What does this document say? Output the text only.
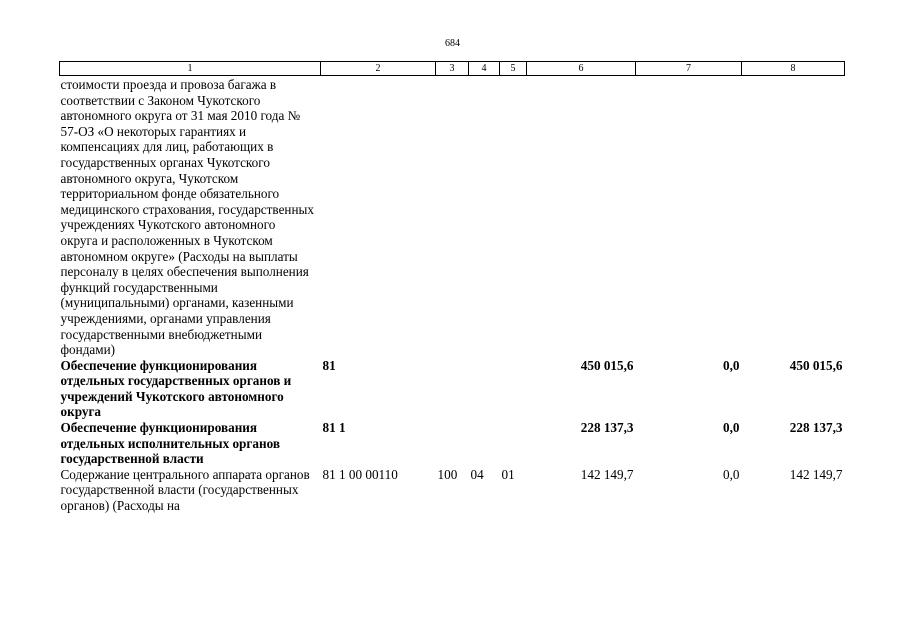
684
1	2	3	4	5	6	7	8
стоимости проезда и провоза багажа в соответствии с Законом Чукотского автономного округа от 31 мая 2010 года № 57-ОЗ «О некоторых гарантиях и компенсациях для лиц, работающих в государственных органах Чукотского автономного округа, Чукотском территориальном фонде обязательного медицинского страхования, государственных учреждениях Чукотского автономного округа и расположенных в Чукотском автономном округе» (Расходы на выплаты персоналу в целях обеспечения выполнения функций государственными (муниципальными) органами, казенными учреждениями, органами управления государственными внебюджетными фондами)							
Обеспечение функционирования отдельных государственных органов и учреждений Чукотского автономного округа	81				450 015,6	0,0	450 015,6
Обеспечение функционирования отдельных исполнительных органов государственной власти	81 1				228 137,3	0,0	228 137,3
Содержание центрального аппарата органов государственной власти (государственных органов) (Расходы на	81 1 00 00110	100	04	01	142 149,7	0,0	142 149,7
